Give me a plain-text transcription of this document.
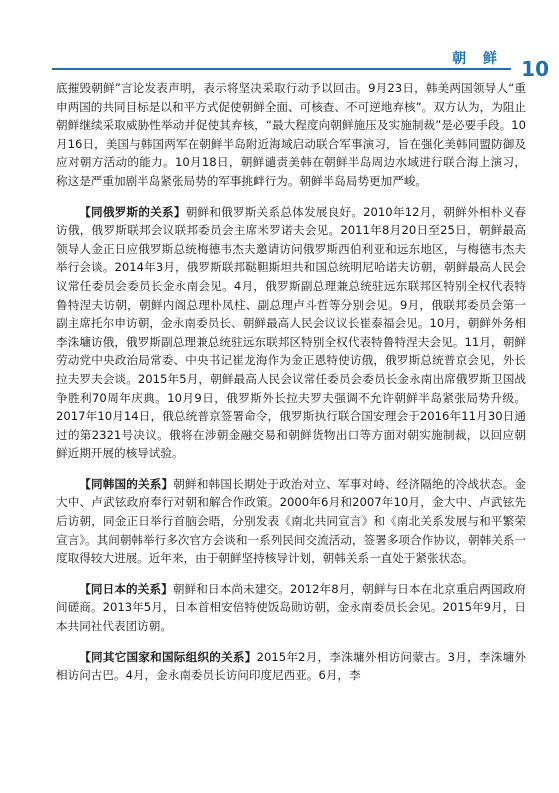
朝 鲜 10

底摧毁朝鲜”言论发表声明，表示将坚决采取行动予以回击。9月23日，韩美两国领导人“重申两国的共同目标是以和平方式促使朝鲜全面、可核查、不可逆地弃核”。双方认为，为阻止朝鲜继续采取威胁性举动并促使其弃核，“最大程度向朝鲜施压及实施制裁”是必要手段。10月16日，美国与韩国两军在朝鲜半岛附近海域启动联合军事演习，旨在强化美韩同盟防御及应对朝方活动的能力。10月18日，朝鲜谴责美韩在朝鲜半岛周边水域进行联合海上演习，称这是严重加剧半岛紧张局势的军事挑衅行为。朝鲜半岛局势更加严峻。

【同俄罗斯的关系】朝鲜和俄罗斯关系总体发展良好。2010年12月，朝鲜外相朴义春访俄，俄罗斯联邦会议联邦委员会主席米罗诺夫会见。2011年8月20日至25日，朝鲜最高领导人金正日应俄罗斯总统梅德韦杰夫邀请访问俄罗斯西伯利亚和远东地区，与梅德韦杰夫举行会谈。2014年3月，俄罗斯联邦鞑靼斯坦共和国总统明尼哈诺夫访朝，朝鲜最高人民会议常任委员会委员长金永南会见。4月，俄罗斯副总理兼总统驻远东联邦区特别全权代表特鲁特涅夫访朝，朝鲜内阁总理朴凤柱、副总理卢斗哲等分别会见。9月，俄联邦委员会第一副主席托尔申访朝，金永南委员长、朝鲜最高人民会议议长崔泰福会见。10月，朝鲜外务相李洙墉访俄，俄罗斯副总理兼总统驻远东联邦区特别全权代表特鲁特涅夫会见。11月，朝鲜劳动党中央政治局常委、中央书记崔龙海作为金正恩特使访俄，俄罗斯总统普京会见，外长拉夫罗夫会谈。2015年5月，朝鲜最高人民会议常任委员会委员长金永南出席俄罗斯卫国战争胜利70周年庆典。10月9日，俄罗斯外长拉夫罗夫强调不允许朝鲜半岛紧张局势升级。2017年10月14日，俄总统普京签署命令，俄罗斯执行联合国安理会于2016年11月30日通过的第2321号决议。俄将在涉朝金融交易和朝鲜货物出口等方面对朝实施制裁，以回应朝鲜近期开展的核导试验。

【同韩国的关系】朝鲜和韩国长期处于政治对立、军事对峙、经济隔绝的冷战状态。金大中、卢武铉政府奉行对朝和解合作政策。2000年6月和2007年10月，金大中、卢武铉先后访朝，同金正日举行首脑会晤，分别发表《南北共同宣言》和《南北关系发展与和平繁荣宣言》。其间朝韩举行多次官方会谈和一系列民间交流活动，签署多项合作协议，朝韩关系一度取得较大进展。近年来，由于朝鲜坚持核导计划，朝韩关系一直处于紧张状态。

【同日本的关系】朝鲜和日本尚未建交。2012年8月，朝鲜与日本在北京重启两国政府间磋商。2013年5月，日本首相安倍特使饭岛勋访朝，金永南委员长会见。2015年9月，日本共同社代表团访朝。

【同其它国家和国际组织的关系】2015年2月，李洙墉外相访问蒙古。3月，李洙墉外相访问古巴。4月，金永南委员长访问印度尼西亚。6月，李
